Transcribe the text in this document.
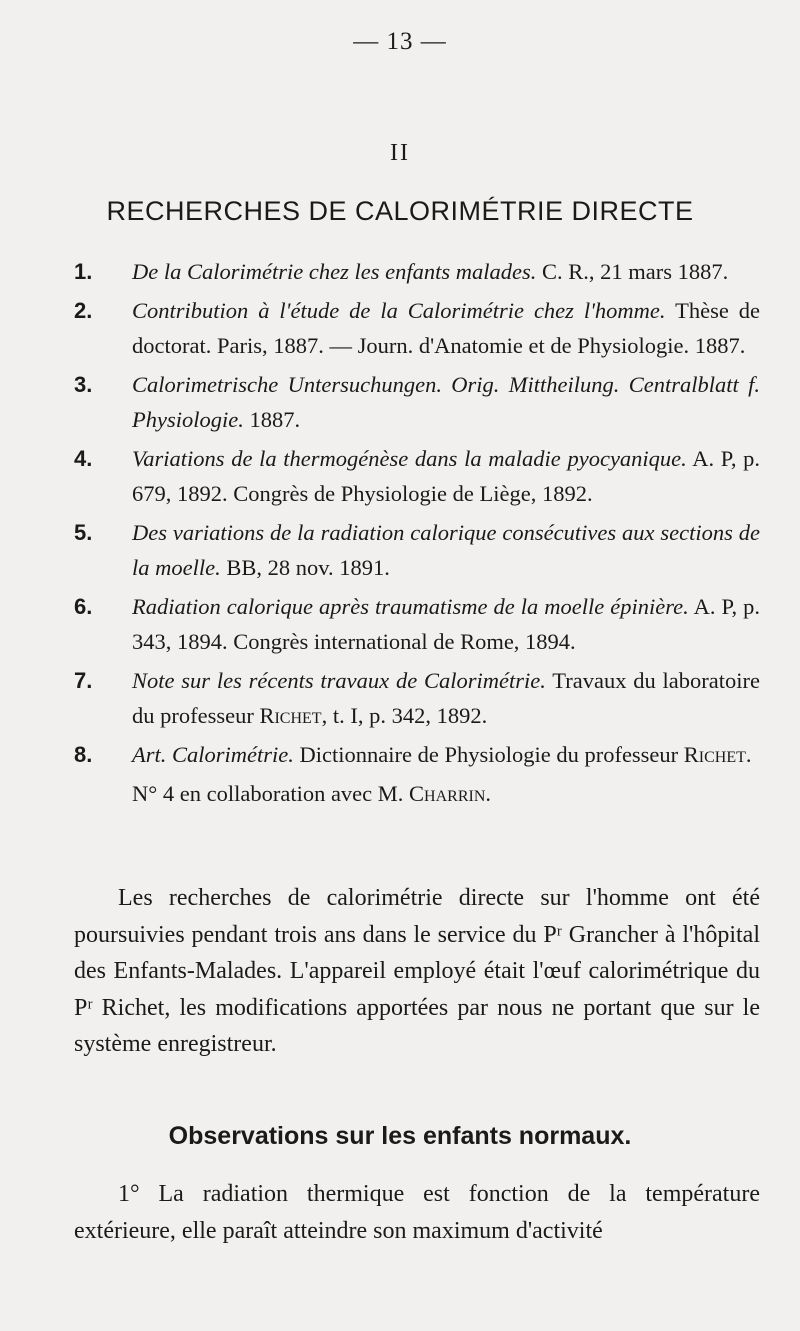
— 13 —
II
RECHERCHES DE CALORIMÉTRIE DIRECTE
1. De la Calorimétrie chez les enfants malades. C. R., 21 mars 1887.
2. Contribution à l'étude de la Calorimétrie chez l'homme. Thèse de doctorat. Paris, 1887. — Journ. d'Anatomie et de Physiologie. 1887.
3. Calorimetrische Untersuchungen. Orig. Mittheilung. Centralblatt f. Physiologie. 1887.
4. Variations de la thermogénèse dans la maladie pyocyanique. A. P, p. 679, 1892. Congrès de Physiologie de Liège, 1892.
5. Des variations de la radiation calorique consécutives aux sections de la moelle. BB, 28 nov. 1891.
6. Radiation calorique après traumatisme de la moelle épinière. A. P, p. 343, 1894. Congrès international de Rome, 1894.
7. Note sur les récents travaux de Calorimétrie. Travaux du laboratoire du professeur Richet, t. I, p. 342, 1892.
8. Art. Calorimétrie. Dictionnaire de Physiologie du professeur Richet.
N° 4 en collaboration avec M. Charrin.
Les recherches de calorimétrie directe sur l'homme ont été poursuivies pendant trois ans dans le service du Pʳ Grancher à l'hôpital des Enfants-Malades. L'appareil employé était l'œuf calorimétrique du Pʳ Richet, les modifications apportées par nous ne portant que sur le système enregistreur.
Observations sur les enfants normaux.
1° La radiation thermique est fonction de la température extérieure, elle paraît atteindre son maximum d'activité
